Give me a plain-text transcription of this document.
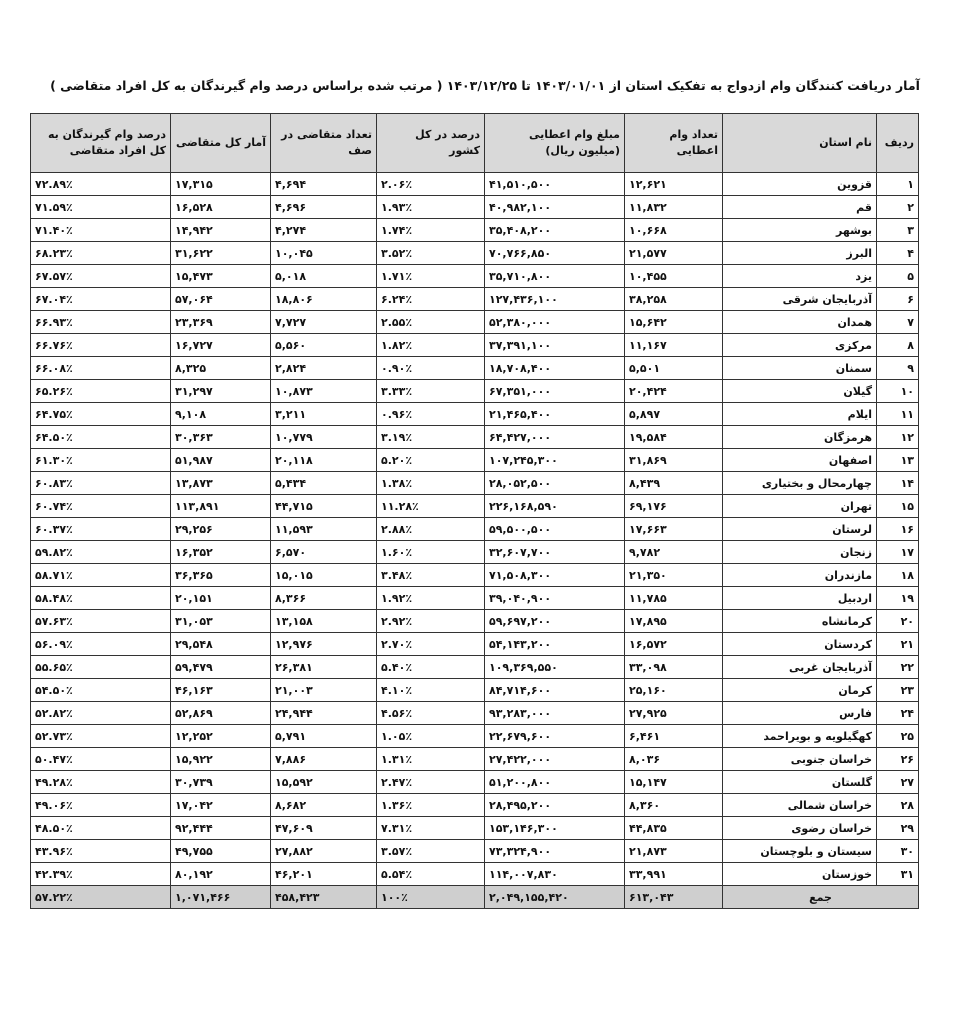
آمار دریافت کنندگان وام ازدواج به تفکیک استان از ۱۴۰۳/۰۱/۰۱ تا ۱۴۰۳/۱۲/۲۵ ( مرتب شده براساس درصد وام گیرندگان به کل افراد متقاضی )
ردیف	نام استان	تعداد وام اعطایی	مبلغ وام اعطایی (میلیون ریال)	درصد در کل کشور	تعداد متقاضی در صف	آمار کل متقاضی	درصد وام گیرندگان به کل افراد متقاضی
۱	قزوین	۱۲,۶۲۱	۴۱,۵۱۰,۵۰۰	۲.۰۶٪	۴,۶۹۴	۱۷,۳۱۵	۷۲.۸۹٪
۲	قم	۱۱,۸۳۲	۴۰,۹۸۲,۱۰۰	۱.۹۳٪	۴,۶۹۶	۱۶,۵۲۸	۷۱.۵۹٪
۳	بوشهر	۱۰,۶۶۸	۳۵,۴۰۸,۲۰۰	۱.۷۴٪	۴,۲۷۴	۱۴,۹۴۲	۷۱.۴۰٪
۴	البرز	۲۱,۵۷۷	۷۰,۷۶۶,۸۵۰	۳.۵۲٪	۱۰,۰۴۵	۳۱,۶۲۲	۶۸.۲۳٪
۵	یزد	۱۰,۴۵۵	۳۵,۷۱۰,۸۰۰	۱.۷۱٪	۵,۰۱۸	۱۵,۴۷۳	۶۷.۵۷٪
۶	آذربایجان شرقی	۳۸,۲۵۸	۱۲۷,۴۳۶,۱۰۰	۶.۲۴٪	۱۸,۸۰۶	۵۷,۰۶۴	۶۷.۰۴٪
۷	همدان	۱۵,۶۴۲	۵۲,۳۸۰,۰۰۰	۲.۵۵٪	۷,۷۲۷	۲۳,۳۶۹	۶۶.۹۳٪
۸	مرکزی	۱۱,۱۶۷	۳۷,۳۹۱,۱۰۰	۱.۸۲٪	۵,۵۶۰	۱۶,۷۲۷	۶۶.۷۶٪
۹	سمنان	۵,۵۰۱	۱۸,۷۰۸,۴۰۰	۰.۹۰٪	۲,۸۲۴	۸,۳۲۵	۶۶.۰۸٪
۱۰	گیلان	۲۰,۴۲۴	۶۷,۳۵۱,۰۰۰	۳.۳۳٪	۱۰,۸۷۳	۳۱,۲۹۷	۶۵.۲۶٪
۱۱	ایلام	۵,۸۹۷	۲۱,۴۶۵,۴۰۰	۰.۹۶٪	۳,۲۱۱	۹,۱۰۸	۶۴.۷۵٪
۱۲	هرمزگان	۱۹,۵۸۴	۶۴,۴۲۷,۰۰۰	۳.۱۹٪	۱۰,۷۷۹	۳۰,۳۶۳	۶۴.۵۰٪
۱۳	اصفهان	۳۱,۸۶۹	۱۰۷,۲۴۵,۳۰۰	۵.۲۰٪	۲۰,۱۱۸	۵۱,۹۸۷	۶۱.۳۰٪
۱۴	چهارمحال و بختیاری	۸,۴۳۹	۲۸,۰۵۲,۵۰۰	۱.۳۸٪	۵,۴۳۴	۱۳,۸۷۳	۶۰.۸۳٪
۱۵	تهران	۶۹,۱۷۶	۲۲۶,۱۶۸,۵۹۰	۱۱.۲۸٪	۴۴,۷۱۵	۱۱۳,۸۹۱	۶۰.۷۴٪
۱۶	لرستان	۱۷,۶۶۳	۵۹,۵۰۰,۵۰۰	۲.۸۸٪	۱۱,۵۹۳	۲۹,۲۵۶	۶۰.۳۷٪
۱۷	زنجان	۹,۷۸۲	۳۲,۶۰۷,۷۰۰	۱.۶۰٪	۶,۵۷۰	۱۶,۳۵۲	۵۹.۸۲٪
۱۸	مازندران	۲۱,۳۵۰	۷۱,۵۰۸,۳۰۰	۳.۴۸٪	۱۵,۰۱۵	۳۶,۳۶۵	۵۸.۷۱٪
۱۹	اردبیل	۱۱,۷۸۵	۳۹,۰۴۰,۹۰۰	۱.۹۲٪	۸,۳۶۶	۲۰,۱۵۱	۵۸.۴۸٪
۲۰	کرمانشاه	۱۷,۸۹۵	۵۹,۶۹۷,۲۰۰	۲.۹۲٪	۱۳,۱۵۸	۳۱,۰۵۳	۵۷.۶۳٪
۲۱	کردستان	۱۶,۵۷۲	۵۴,۱۴۳,۲۰۰	۲.۷۰٪	۱۲,۹۷۶	۲۹,۵۴۸	۵۶.۰۹٪
۲۲	آذربایجان غربی	۳۳,۰۹۸	۱۰۹,۳۶۹,۵۵۰	۵.۴۰٪	۲۶,۳۸۱	۵۹,۴۷۹	۵۵.۶۵٪
۲۳	کرمان	۲۵,۱۶۰	۸۴,۷۱۴,۶۰۰	۴.۱۰٪	۲۱,۰۰۳	۴۶,۱۶۳	۵۴.۵۰٪
۲۴	فارس	۲۷,۹۲۵	۹۳,۲۸۳,۰۰۰	۴.۵۶٪	۲۴,۹۴۴	۵۲,۸۶۹	۵۲.۸۲٪
۲۵	کهگیلویه و بویراحمد	۶,۴۶۱	۲۲,۶۷۹,۶۰۰	۱.۰۵٪	۵,۷۹۱	۱۲,۲۵۲	۵۲.۷۳٪
۲۶	خراسان جنوبی	۸,۰۳۶	۲۷,۴۲۲,۰۰۰	۱.۳۱٪	۷,۸۸۶	۱۵,۹۲۲	۵۰.۴۷٪
۲۷	گلستان	۱۵,۱۴۷	۵۱,۲۰۰,۸۰۰	۲.۴۷٪	۱۵,۵۹۲	۳۰,۷۳۹	۴۹.۲۸٪
۲۸	خراسان شمالی	۸,۳۶۰	۲۸,۴۹۵,۲۰۰	۱.۳۶٪	۸,۶۸۲	۱۷,۰۴۲	۴۹.۰۶٪
۲۹	خراسان رضوی	۴۴,۸۳۵	۱۵۳,۱۴۶,۳۰۰	۷.۳۱٪	۴۷,۶۰۹	۹۲,۴۴۴	۴۸.۵۰٪
۳۰	سیستان و بلوچستان	۲۱,۸۷۳	۷۳,۳۲۴,۹۰۰	۳.۵۷٪	۲۷,۸۸۲	۴۹,۷۵۵	۴۳.۹۶٪
۳۱	خوزستان	۳۳,۹۹۱	۱۱۴,۰۰۷,۸۳۰	۵.۵۴٪	۴۶,۲۰۱	۸۰,۱۹۲	۴۲.۳۹٪
جمع		۶۱۳,۰۴۳	۲,۰۴۹,۱۵۵,۴۲۰	۱۰۰٪	۴۵۸,۴۲۳	۱,۰۷۱,۴۶۶	۵۷.۲۲٪
